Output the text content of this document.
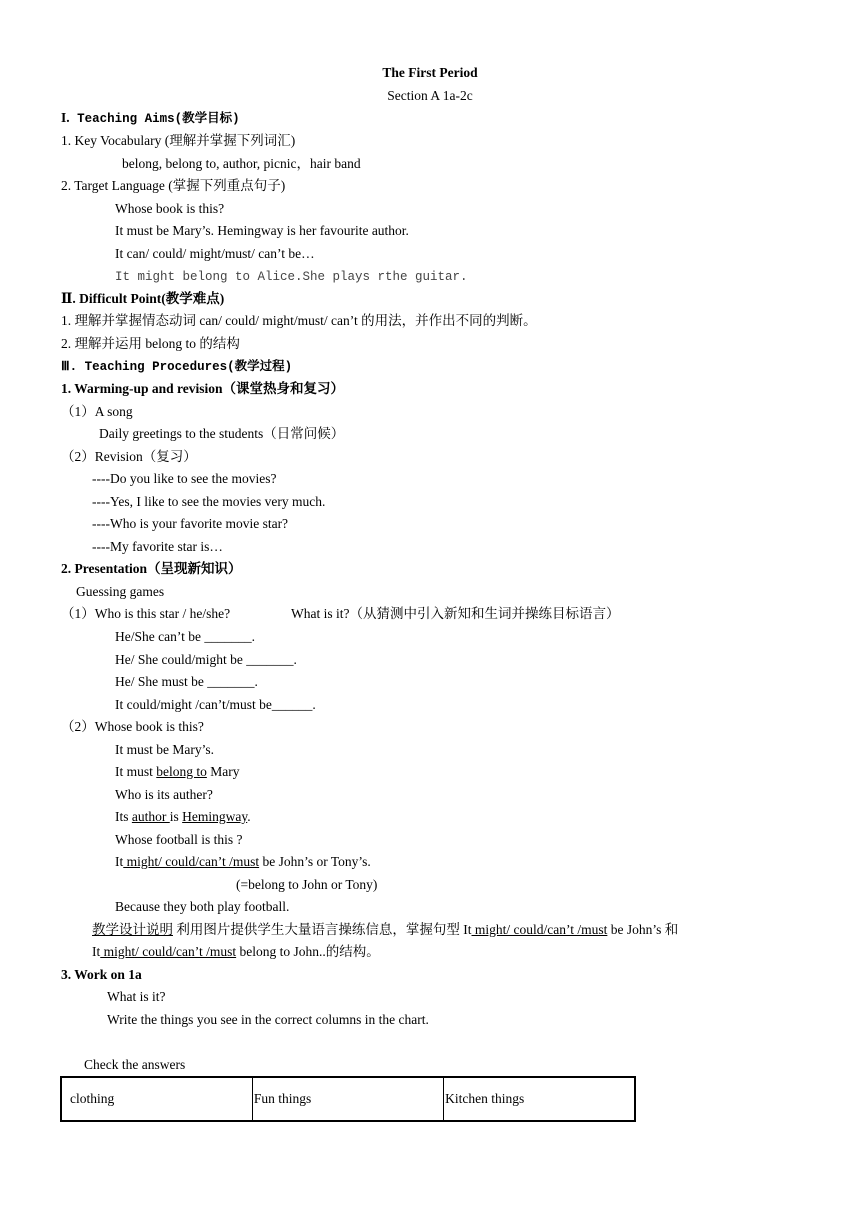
The First Period
Section A 1a-2c
I. Teaching Aims(教学目标)
1. Key Vocabulary (理解并掌握下列词汇)
belong, belong to, author, picnic，hair band
2. Target Language (掌握下列重点句子)
Whose book is this?
It must be Mary’s. Hemingway is her favourite author.
It can/ could/ might/must/ can’t be…
It might belong to Alice.She plays rthe guitar.
Ⅱ. Difficult Point(教学难点)
1. 理解并掌握情态动词 can/ could/ might/must/ can’t 的用法，并作出不同的判断。
2. 理解并运用 belong to 的结构
Ⅲ. Teaching Procedures(教学过程)
1. Warming-up and revision（课堂热身和复习）
（1）A song
Daily greetings to the students（日常问候）
（2）Revision（复习）
----Do you like to see the movies?
----Yes, I like to see the movies very much.
----Who is your favorite movie star?
----My favorite star is…
2. Presentation（呈现新知识）
Guessing games
（1）Who is this star / he/she?	What is it?（从猜测中引入新知和生词并操练目标语言）
He/She can’t be _______.
He/ She could/might be _______.
He/ She must be _______.
It could/might /can’t/must be______.
（2）Whose book is this?
It must be Mary’s.
It must belong to Mary
Who is its auther?
Its author is Hemingway.
Whose football is this ?
It might/ could/can’t /must be John’s or Tony’s.
(=belong to John or Tony)
Because they both play football.
教学设计说明 利用图片提供学生大量语言操练信息，掌握句型 It might/ could/can’t /must be John’s 和
It might/ could/can’t /must belong to John..的结构。
3. Work on 1a
What is it?
Write the things you see in the correct columns in the chart.
Check the answers
clothing	Fun things	Kitchen things
